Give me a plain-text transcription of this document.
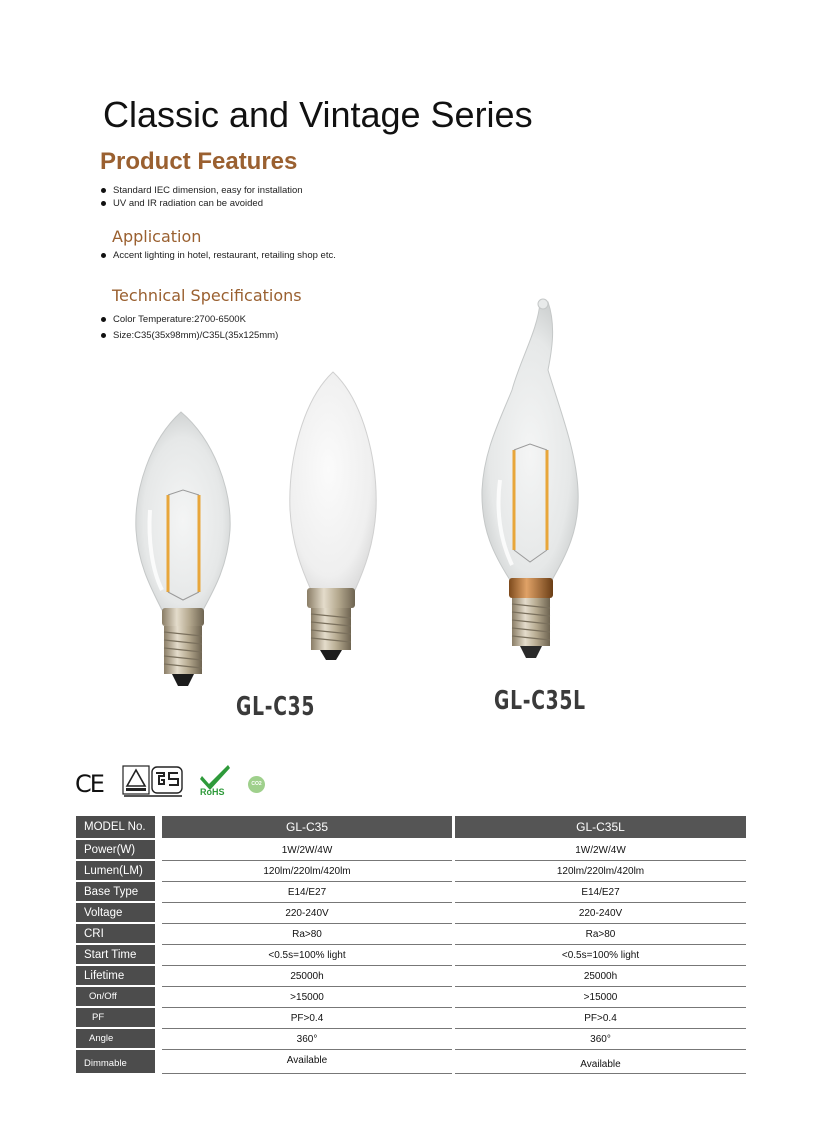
Classic and Vintage Series
Product Features
Standard IEC dimension, easy for installation
UV and IR radiation can be avoided
Application
Accent lighting in hotel, restaurant, retailing shop etc.
Technical Specifications
Color Temperature:2700-6500K
Size:C35(35x98mm)/C35L(35x125mm)
GL-C35	GL-C35L
CE	RoHS
CO2
MODEL No.	GL-C35	GL-C35L
Power(W)	1W/2W/4W	1W/2W/4W
Lumen(LM)	120lm/220lm/420lm	120lm/220lm/420lm
Base Type	E14/E27	E14/E27
Voltage	220-240V	220-240V
CRI	Ra>80	Ra>80
Start Time	<0.5s=100% light	<0.5s=100% light
Lifetime	25000h	25000h
On/Off	>15000	>15000
PF	PF>0.4	PF>0.4
Angle	360°	360°
Dimmable	Available	Available
